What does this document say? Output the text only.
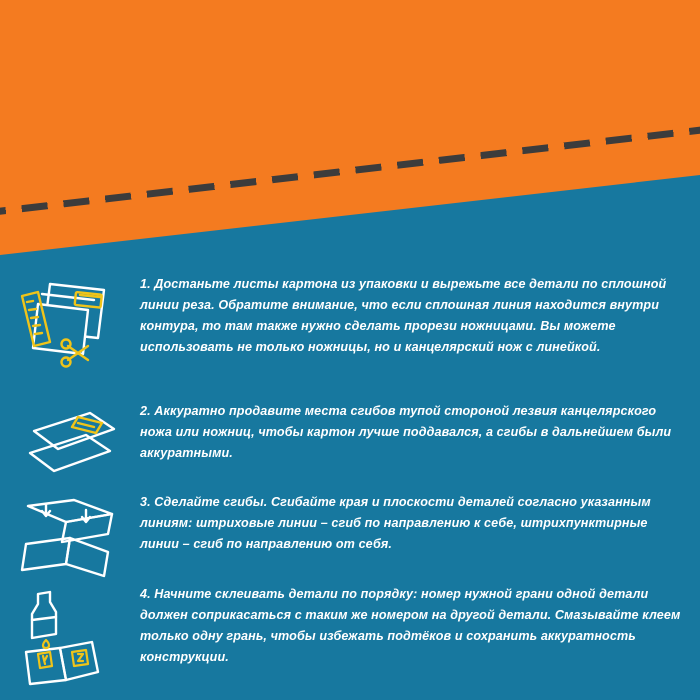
1. Достаньте листы картона из упаковки и вырежьте все детали по сплошной линии реза. Обратите внимание, что если сплошная линия находится внутри контура, то там также нужно сделать прорези ножницами. Вы можете использовать не только ножницы, но и канцелярский нож с линейкой.
2. Аккуратно продавите места сгибов тупой стороной лезвия канцелярского ножа или ножниц, чтобы картон лучше поддавался, а сгибы в дальнейшем были аккуратными.
3. Сделайте сгибы. Сгибайте края и плоскости деталей согласно указанным линиям: штриховые линии – сгиб по направлению к себе, штрихпунктирные линии – сгиб по направлению от себя.
4. Начните склеивать детали по порядку: номер нужной грани одной детали должен соприкасаться с таким же номером на другой детали. Смазывайте клеем только одну грань, чтобы избежать подтёков и сохранить аккуратность конструкции.
